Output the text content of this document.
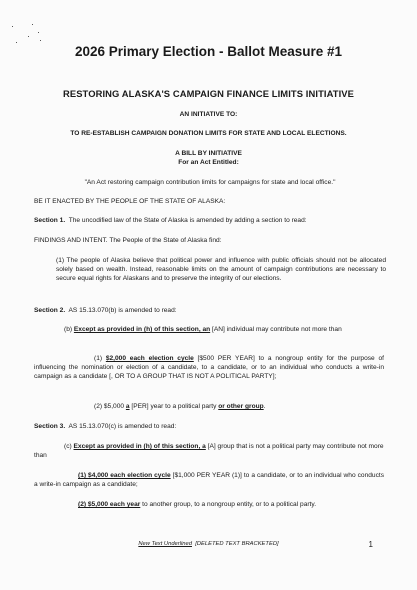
2026 Primary Election - Ballot Measure #1
RESTORING ALASKA'S CAMPAIGN FINANCE LIMITS INITIATIVE
AN INITIATIVE TO:
TO RE-ESTABLISH CAMPAIGN DONATION LIMITS FOR STATE AND LOCAL ELECTIONS.
A BILL BY INITIATIVE
For an Act Entitled:
"An Act restoring campaign contribution limits for campaigns for state and local office."
BE IT ENACTED BY THE PEOPLE OF THE STATE OF ALASKA:
Section 1. The uncodified law of the State of Alaska is amended by adding a section to read:
FINDINGS AND INTENT. The People of the State of Alaska find:
(1) The people of Alaska believe that political power and influence with public officials should not be allocated solely based on wealth. Instead, reasonable limits on the amount of campaign contributions are necessary to secure equal rights for Alaskans and to preserve the integrity of our elections.
Section 2. AS 15.13.070(b) is amended to read:
(b) Except as provided in (h) of this section, an [AN] individual may contribute not more than
(1) $2,000 each election cycle [$500 PER YEAR] to a nongroup entity for the purpose of influencing the nomination or election of a candidate, to a candidate, or to an individual who conducts a write-in campaign as a candidate [, OR TO A GROUP THAT IS NOT A POLITICAL PARTY];
(2) $5,000 a [PER] year to a political party or other group.
Section 3. AS 15.13.070(c) is amended to read:
(c) Except as provided in (h) of this section, a [A] group that is not a political party may contribute not more than
(1) $4,000 each election cycle [$1,000 PER YEAR (1)] to a candidate, or to an individual who conducts a write-in campaign as a candidate;
(2) $5,000 each year to another group, to a nongroup entity, or to a political party.
New Text Underlined [DELETED TEXT BRACKETED]	1
